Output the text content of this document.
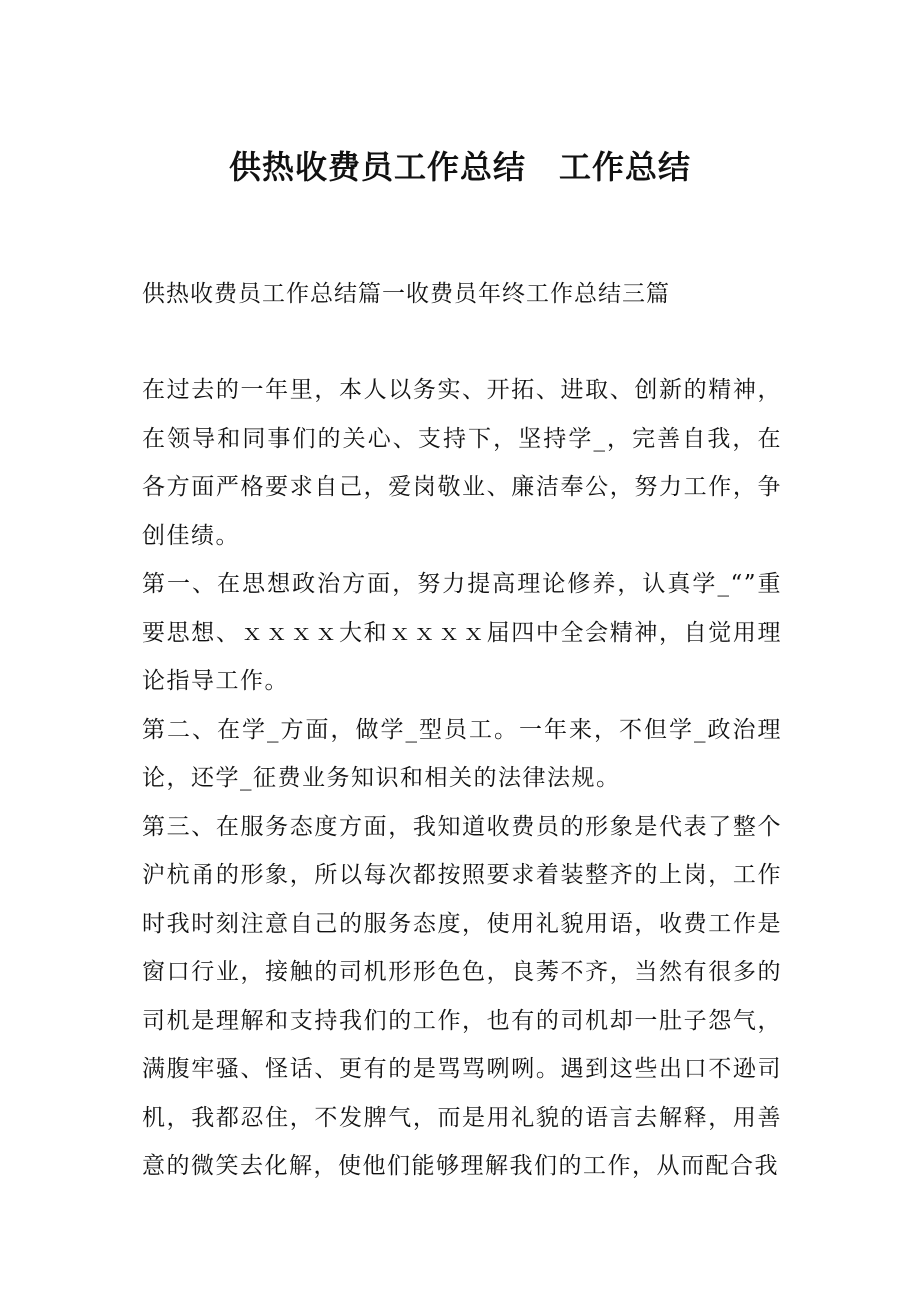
供热收费员工作总结　工作总结
供热收费员工作总结篇一收费员年终工作总结三篇

在过去的一年里，本人以务实、开拓、进取、创新的精神，在领导和同事们的关心、支持下，坚持学_，完善自我，在各方面严格要求自己，爱岗敬业、廉洁奉公，努力工作，争创佳绩。

第一、在思想政治方面，努力提高理论修养，认真学_“”重要思想、ｘｘｘｘ大和ｘｘｘｘ届四中全会精神，自觉用理论指导工作。

第二、在学_方面，做学_型员工。一年来，不但学_政治理论，还学_征费业务知识和相关的法律法规。

第三、在服务态度方面，我知道收费员的形象是代表了整个沪杭甬的形象，所以每次都按照要求着装整齐的上岗，工作时我时刻注意自己的服务态度，使用礼貌用语，收费工作是窗口行业，接触的司机形形色色，良莠不齐，当然有很多的司机是理解和支持我们的工作，也有的司机却一肚子怨气，满腹牢骚、怪话、更有的是骂骂咧咧。遇到这些出口不逊司机，我都忍住，不发脾气，而是用礼貌的语言去解释，用善意的微笑去化解，使他们能够理解我们的工作，从而配合我
